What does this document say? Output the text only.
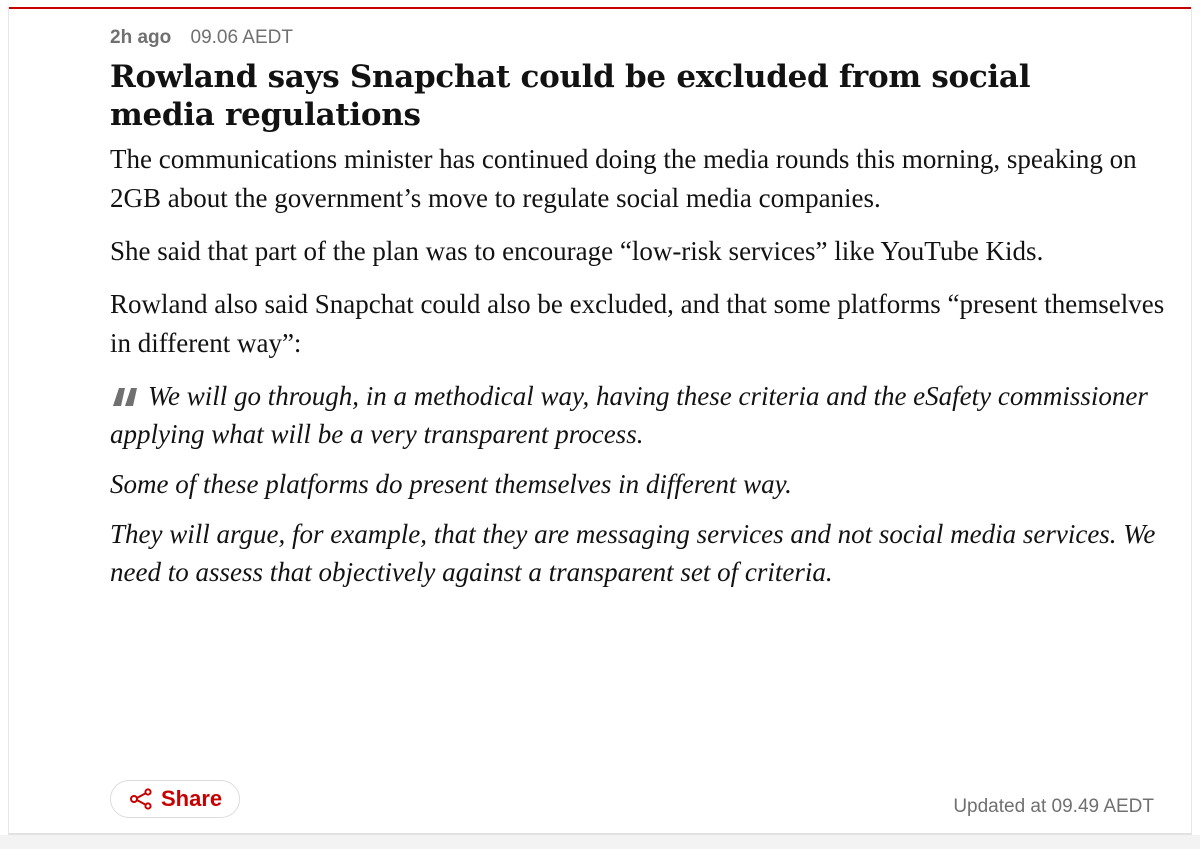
2h ago 09.06 AEDT
Rowland says Snapchat could be excluded from social media regulations

The communications minister has continued doing the media rounds this morning, speaking on 2GB about the government’s move to regulate social media companies.

She said that part of the plan was to encourage “low-risk services” like YouTube Kids.

Rowland also said Snapchat could also be excluded, and that some platforms “present themselves in different way”:

We will go through, in a methodical way, having these criteria and the eSafety commissioner applying what will be a very transparent process.

Some of these platforms do present themselves in different way.

They will argue, for example, that they are messaging services and not social media services. We need to assess that objectively against a transparent set of criteria.

Share	Updated at 09.49 AEDT
